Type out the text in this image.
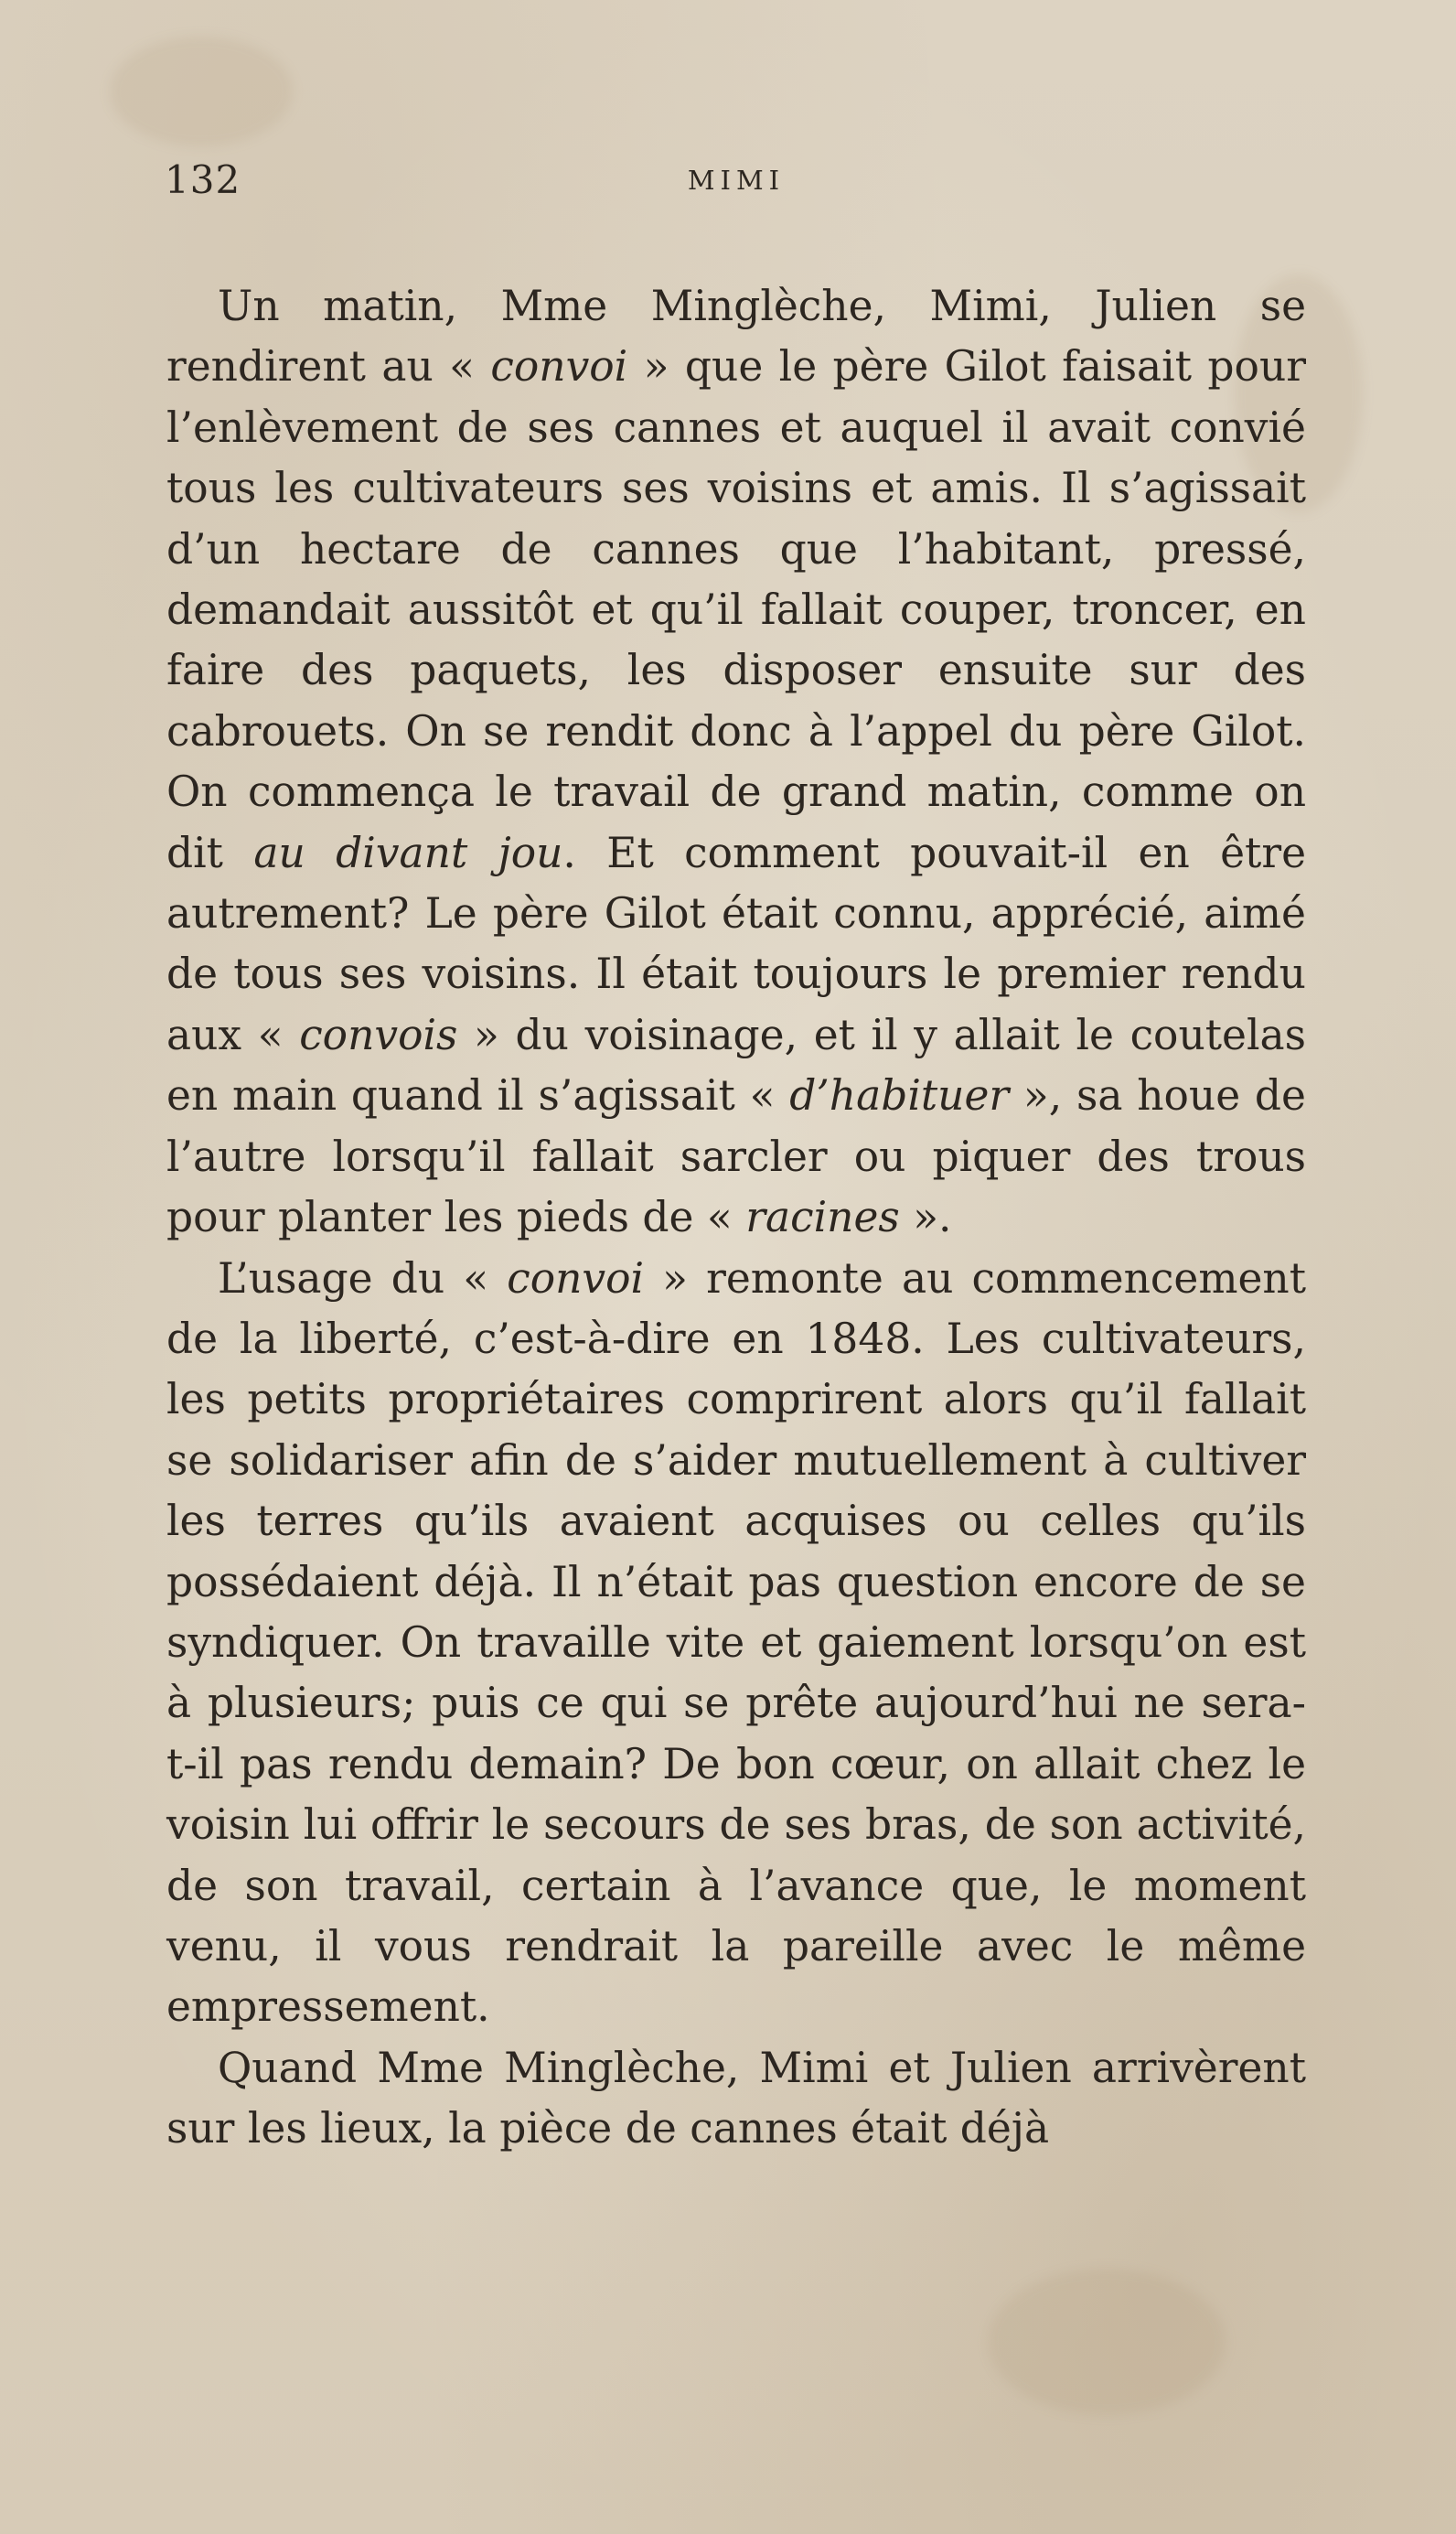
132	MIMI

Un matin, Mme Minglèche, Mimi, Julien se rendirent au « convoi » que le père Gilot faisait pour l’enlèvement de ses cannes et auquel il avait convié tous les cultivateurs ses voisins et amis. Il s’agissait d’un hectare de cannes que l’habitant, pressé, demandait aussitôt et qu’il fallait couper, troncer, en faire des paquets, les disposer ensuite sur des cabrouets. On se rendit donc à l’appel du père Gilot. On commença le travail de grand matin, comme on dit au divant jou. Et comment pouvait-il en être autrement? Le père Gilot était connu, apprécié, aimé de tous ses voisins. Il était toujours le premier rendu aux « convois » du voisinage, et il y allait le coutelas en main quand il s’agissait « d’habituer », sa houe de l’autre lorsqu’il fallait sarcler ou piquer des trous pour planter les pieds de « racines ».

L’usage du « convoi » remonte au commencement de la liberté, c’est-à-dire en 1848. Les cultivateurs, les petits propriétaires comprirent alors qu’il fallait se solidariser afin de s’aider mutuellement à cultiver les terres qu’ils avaient acquises ou celles qu’ils possédaient déjà. Il n’était pas question encore de se syndiquer. On travaille vite et gaiement lorsqu’on est à plusieurs; puis ce qui se prête aujourd’hui ne sera-t-il pas rendu demain? De bon cœur, on allait chez le voisin lui offrir le secours de ses bras, de son activité, de son travail, certain à l’avance que, le moment venu, il vous rendrait la pareille avec le même empressement.

Quand Mme Minglèche, Mimi et Julien arrivèrent sur les lieux, la pièce de cannes était déjà
